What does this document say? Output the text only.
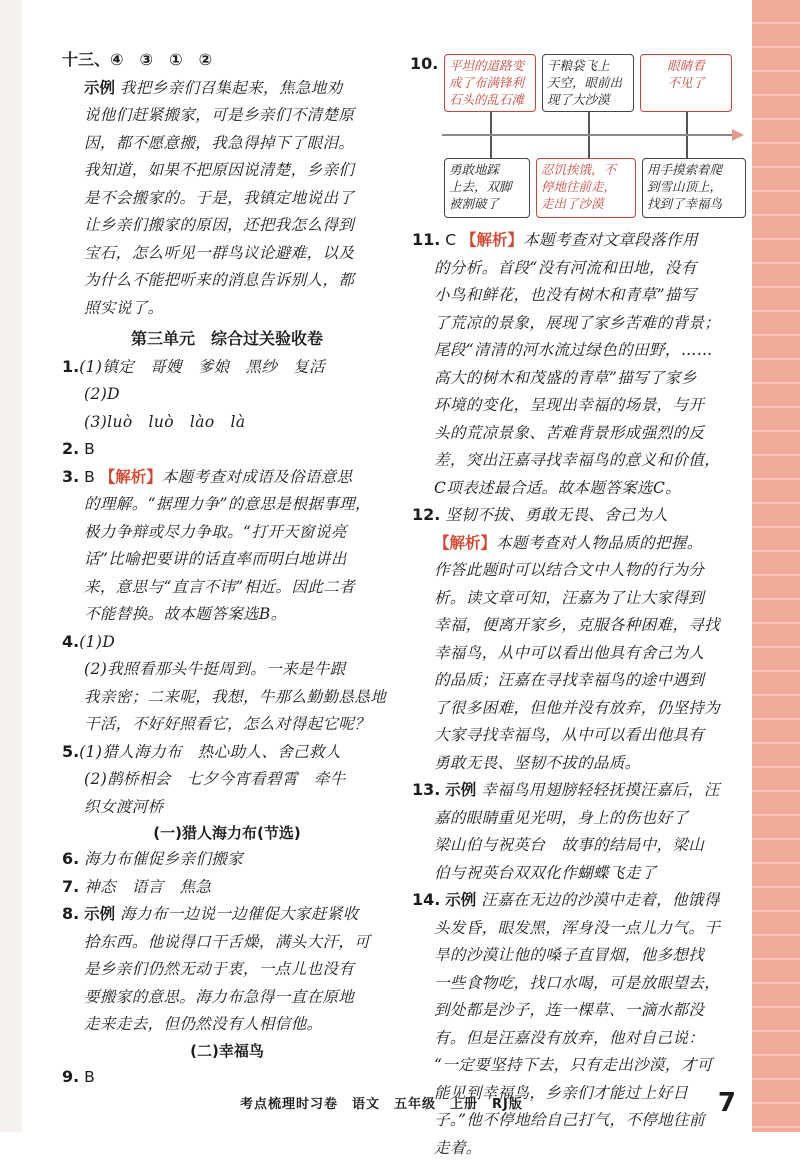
十三、④　③　①　②
示例 我把乡亲们召集起来，焦急地劝
说他们赶紧搬家，可是乡亲们不清楚原
因，都不愿意搬，我急得掉下了眼泪。
我知道，如果不把原因说清楚，乡亲们
是不会搬家的。于是，我镇定地说出了
让乡亲们搬家的原因，还把我怎么得到
宝石，怎么听见一群鸟议论避难，以及
为什么不能把听来的消息告诉别人，都
照实说了。
第三单元　综合过关验收卷
1.(1)镇定　哥嫂　爹娘　黑纱　复活
(2)D
(3)luò　luò　lào　là
2. B
3. B 【解析】本题考查对成语及俗语意思
的理解。“据理力争”的意思是根据事理，
极力争辩或尽力争取。“打开天窗说亮
话”比喻把要讲的话直率而明白地讲出
来，意思与“直言不讳”相近。因此二者
不能替换。故本题答案选B。
4.(1)D
(2)我照看那头牛挺周到。一来是牛跟
我亲密；二来呢，我想，牛那么勤勤恳恳地
干活，不好好照看它，怎么对得起它呢？
5.(1)猎人海力布　热心助人、舍己救人
(2)鹊桥相会　七夕今宵看碧霄　牵牛
织女渡河桥
(一)猎人海力布(节选)
6. 海力布催促乡亲们搬家
7. 神态　语言　焦急
8. 示例 海力布一边说一边催促大家赶紧收
拾东西。他说得口干舌燥，满头大汗，可
是乡亲们仍然无动于衷，一点儿也没有
要搬家的意思。海力布急得一直在原地
走来走去，但仍然没有人相信他。
(二)幸福鸟
9. B
10. 平坦的道路变
成了布满锋利
石头的乱石滩
干粮袋飞上
天空，眼前出
现了大沙漠
眼睛看
不见了
勇敢地踩
上去，双脚
被割破了
忍饥挨饿，不
停地往前走，
走出了沙漠
用手摸索着爬
到雪山顶上，
找到了幸福鸟
11. C 【解析】本题考查对文章段落作用
的分析。首段“没有河流和田地，没有
小鸟和鲜花，也没有树木和青草”描写
了荒凉的景象，展现了家乡苦难的背景；
尾段“清清的河水流过绿色的田野，……
高大的树木和茂盛的青草”描写了家乡
环境的变化，呈现出幸福的场景，与开
头的荒凉景象、苦难背景形成强烈的反
差，突出汪嘉寻找幸福鸟的意义和价值，
C项表述最合适。故本题答案选C。
12. 坚韧不拔、勇敢无畏、舍己为人
【解析】本题考查对人物品质的把握。
作答此题时可以结合文中人物的行为分
析。读文章可知，汪嘉为了让大家得到
幸福，便离开家乡，克服各种困难，寻找
幸福鸟，从中可以看出他具有舍己为人
的品质；汪嘉在寻找幸福鸟的途中遇到
了很多困难，但他并没有放弃，仍坚持为
大家寻找幸福鸟，从中可以看出他具有
勇敢无畏、坚韧不拔的品质。
13. 示例 幸福鸟用翅膀轻轻抚摸汪嘉后，汪
嘉的眼睛重见光明，身上的伤也好了
梁山伯与祝英台　故事的结局中，梁山
伯与祝英台双双化作蝴蝶飞走了
14. 示例 汪嘉在无边的沙漠中走着，他饿得
头发昏，眼发黑，浑身没一点儿力气。干
旱的沙漠让他的嗓子直冒烟，他多想找
一些食物吃，找口水喝，可是放眼望去，
到处都是沙子，连一棵草、一滴水都没
有。但是汪嘉没有放弃，他对自己说：
“一定要坚持下去，只有走出沙漠，才可
能见到幸福鸟，乡亲们才能过上好日
子。”他不停地给自己打气，不停地往前
走着。
考点梳理时习卷　语文　五年级　上册　RJ版	7
